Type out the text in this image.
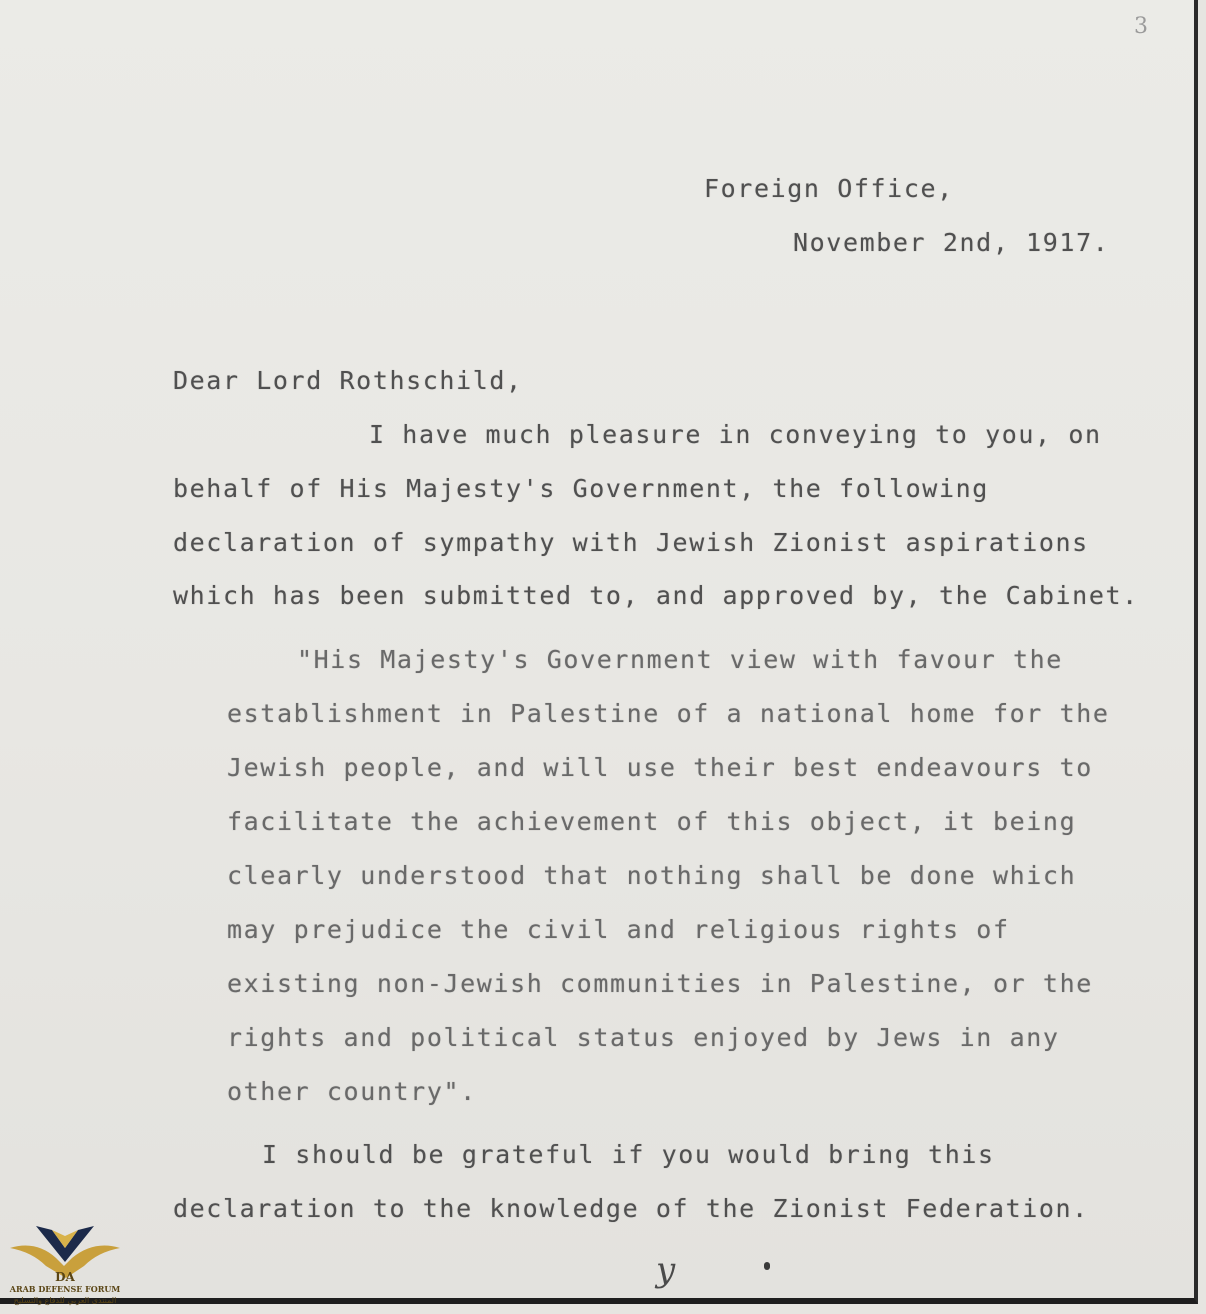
3
Foreign Office,
November 2nd, 1917.
Dear Lord Rothschild,
I have much pleasure in conveying to you, on
behalf of His Majesty's Government, the following
declaration of sympathy with Jewish Zionist aspirations
which has been submitted to, and approved by, the Cabinet.
"His Majesty's Government view with favour the
establishment in Palestine of a national home for the
Jewish people, and will use their best endeavours to
facilitate the achievement of this object, it being
clearly understood that nothing shall be done which
may prejudice the civil and religious rights of
existing non-Jewish communities in Palestine, or the
rights and political status enjoyed by Jews in any
other country".
I should be grateful if you would bring this
declaration to the knowledge of the Zionist Federation.
y
DA
ARAB DEFENSE FORUM
المنتدى العربي للدفاع والتسليح
